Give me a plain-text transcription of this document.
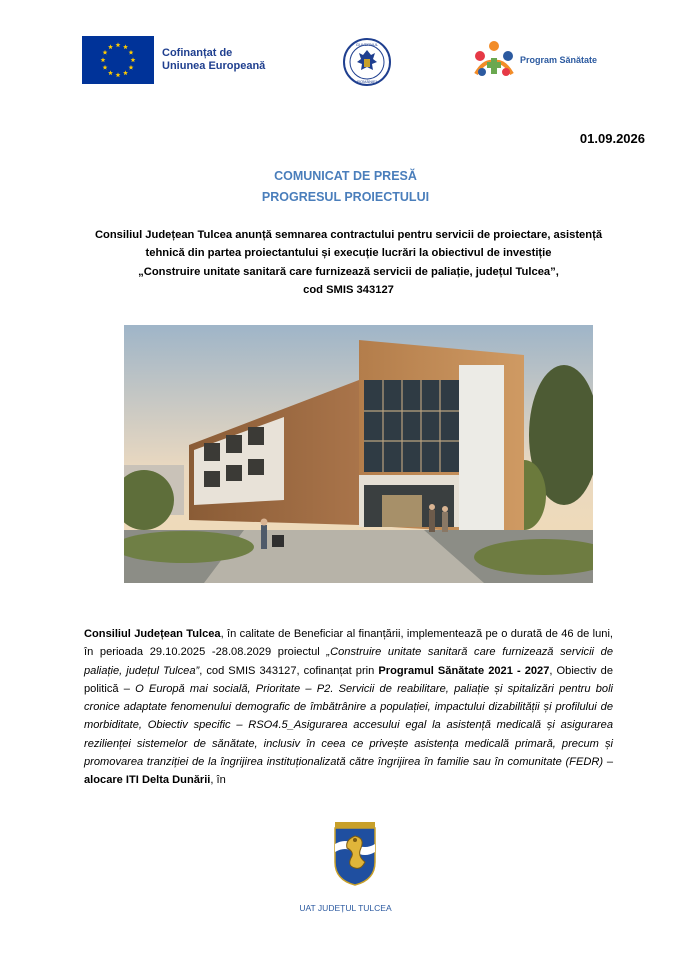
Cofinanțat de
Uniunea Europeană
GUVERNUL
ROMÂNIEI
Program Sănătate
01.09.2026
COMUNICAT DE PRESĂ
PROGRESUL PROIECTULUI
Consiliul Județean Tulcea anunță semnarea contractului pentru servicii de proiectare, asistență
tehnică din partea proiectantului și execuție lucrări la obiectivul de investiție
„Construire unitate sanitară care furnizează servicii de paliație, județul Tulcea”,
cod SMIS 343127
Consiliul Județean Tulcea, în calitate de Beneficiar al finanțării, implementează pe o durată de 46 de luni, în perioada 29.10.2025 -28.08.2029 proiectul „Construire unitate sanitară care furnizează servicii de paliație, județul Tulcea”, cod SMIS 343127, cofinanțat prin Programul Sănătate 2021 - 2027, Obiectiv de politică – O Europă mai socială, Prioritate – P2. Servicii de reabilitare, paliație și spitalizări pentru boli cronice adaptate fenomenului demografic de îmbătrânire a populației, impactului dizabilității și profilului de morbiditate, Obiectiv specific – RSO4.5_Asigurarea accesului egal la asistență medicală și asigurarea rezilienței sistemelor de sănătate, inclusiv în ceea ce privește asistența medicală primară, precum și promovarea tranziției de la îngrijirea instituționalizată către îngrijirea în familie sau în comunitate (FEDR) – alocare ITI Delta Dunării, în
UAT JUDEȚUL TULCEA
